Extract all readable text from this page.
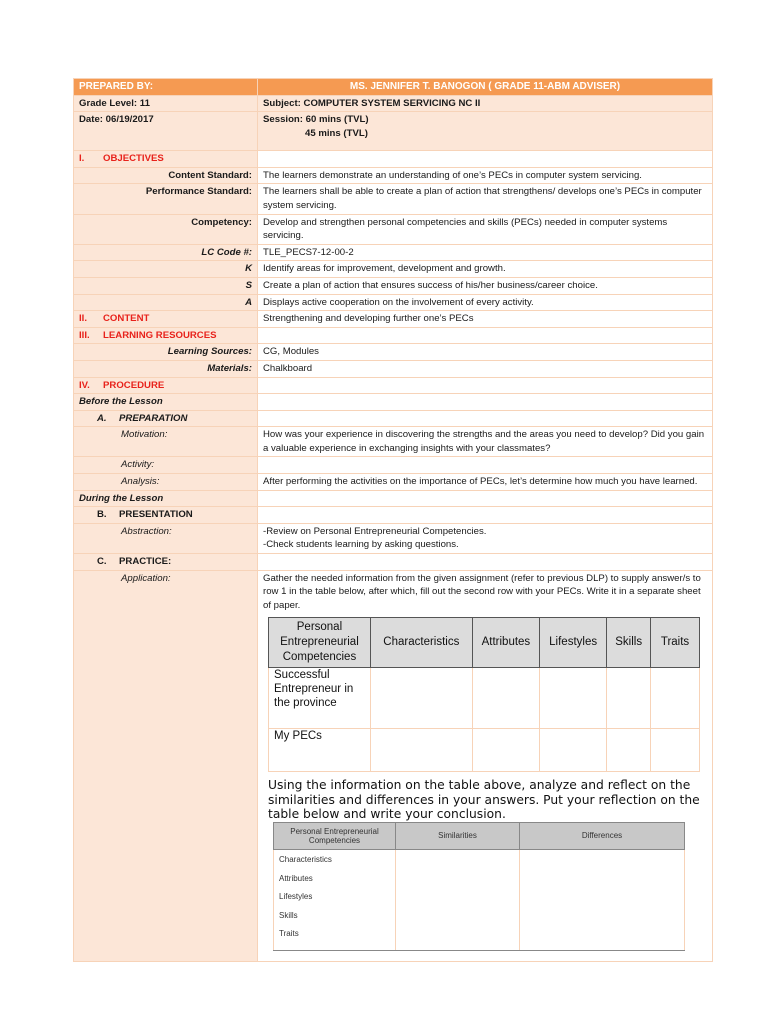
PREPARED BY:	MS. JENNIFER T. BANOGON ( GRADE 11-ABM ADVISER)
Grade Level: 11	Subject: COMPUTER SYSTEM SERVICING NC II
Date: 06/19/2017	Session: 60 mins (TVL)
45 mins (TVL)

I. OBJECTIVES	
Content Standard:	The learners demonstrate an understanding of one’s PECs in computer system servicing.
Performance Standard:	The learners shall be able to create a plan of action that strengthens/ develops one’s PECs in computer system servicing.
Competency:	Develop and strengthen personal competencies and skills (PECs) needed in computer systems servicing.
LC Code #:	TLE_PECS7-12-00-2
K	Identify areas for improvement, development and growth.
S	Create a plan of action that ensures success of his/her business/career choice.
A	Displays active cooperation on the involvement of every activity.
II. CONTENT	Strengthening and developing further one’s PECs
III. LEARNING RESOURCES	
Learning Sources:	CG, Modules
Materials:	Chalkboard
IV. PROCEDURE	
Before the Lesson	
A. PREPARATION	
Motivation:	How was your experience in discovering the strengths and the areas you need to develop? Did you gain a valuable experience in exchanging insights with your classmates?
Activity:	
Analysis:	After performing the activities on the importance of PECs, let’s determine how much you have learned.
During the Lesson	
B. PRESENTATION	
Abstraction:	-Review on Personal Entrepreneurial Competencies.
-Check students learning by asking questions.

C. PRACTICE:	
Application:	Gather the needed information from the given assignment (refer to previous DLP) to supply answer/s to row 1 in the table below, after which, fill out the second row with your PECs. Write it in a separate sheet of paper.
Personal Entrepreneurial Competencies	Characteristics	Attributes	Lifestyles	Skills	Traits
Successful Entrepreneur in the province					
My PECs					
Using the information on the table above, analyze and reflect on the similarities and differences in your answers. Put your reflection on the table below and write your conclusion.
Personal Entrepreneurial Competencies	Similarities	Differences

Characteristics
Attributes
Lifestyles
Skills
Traits
